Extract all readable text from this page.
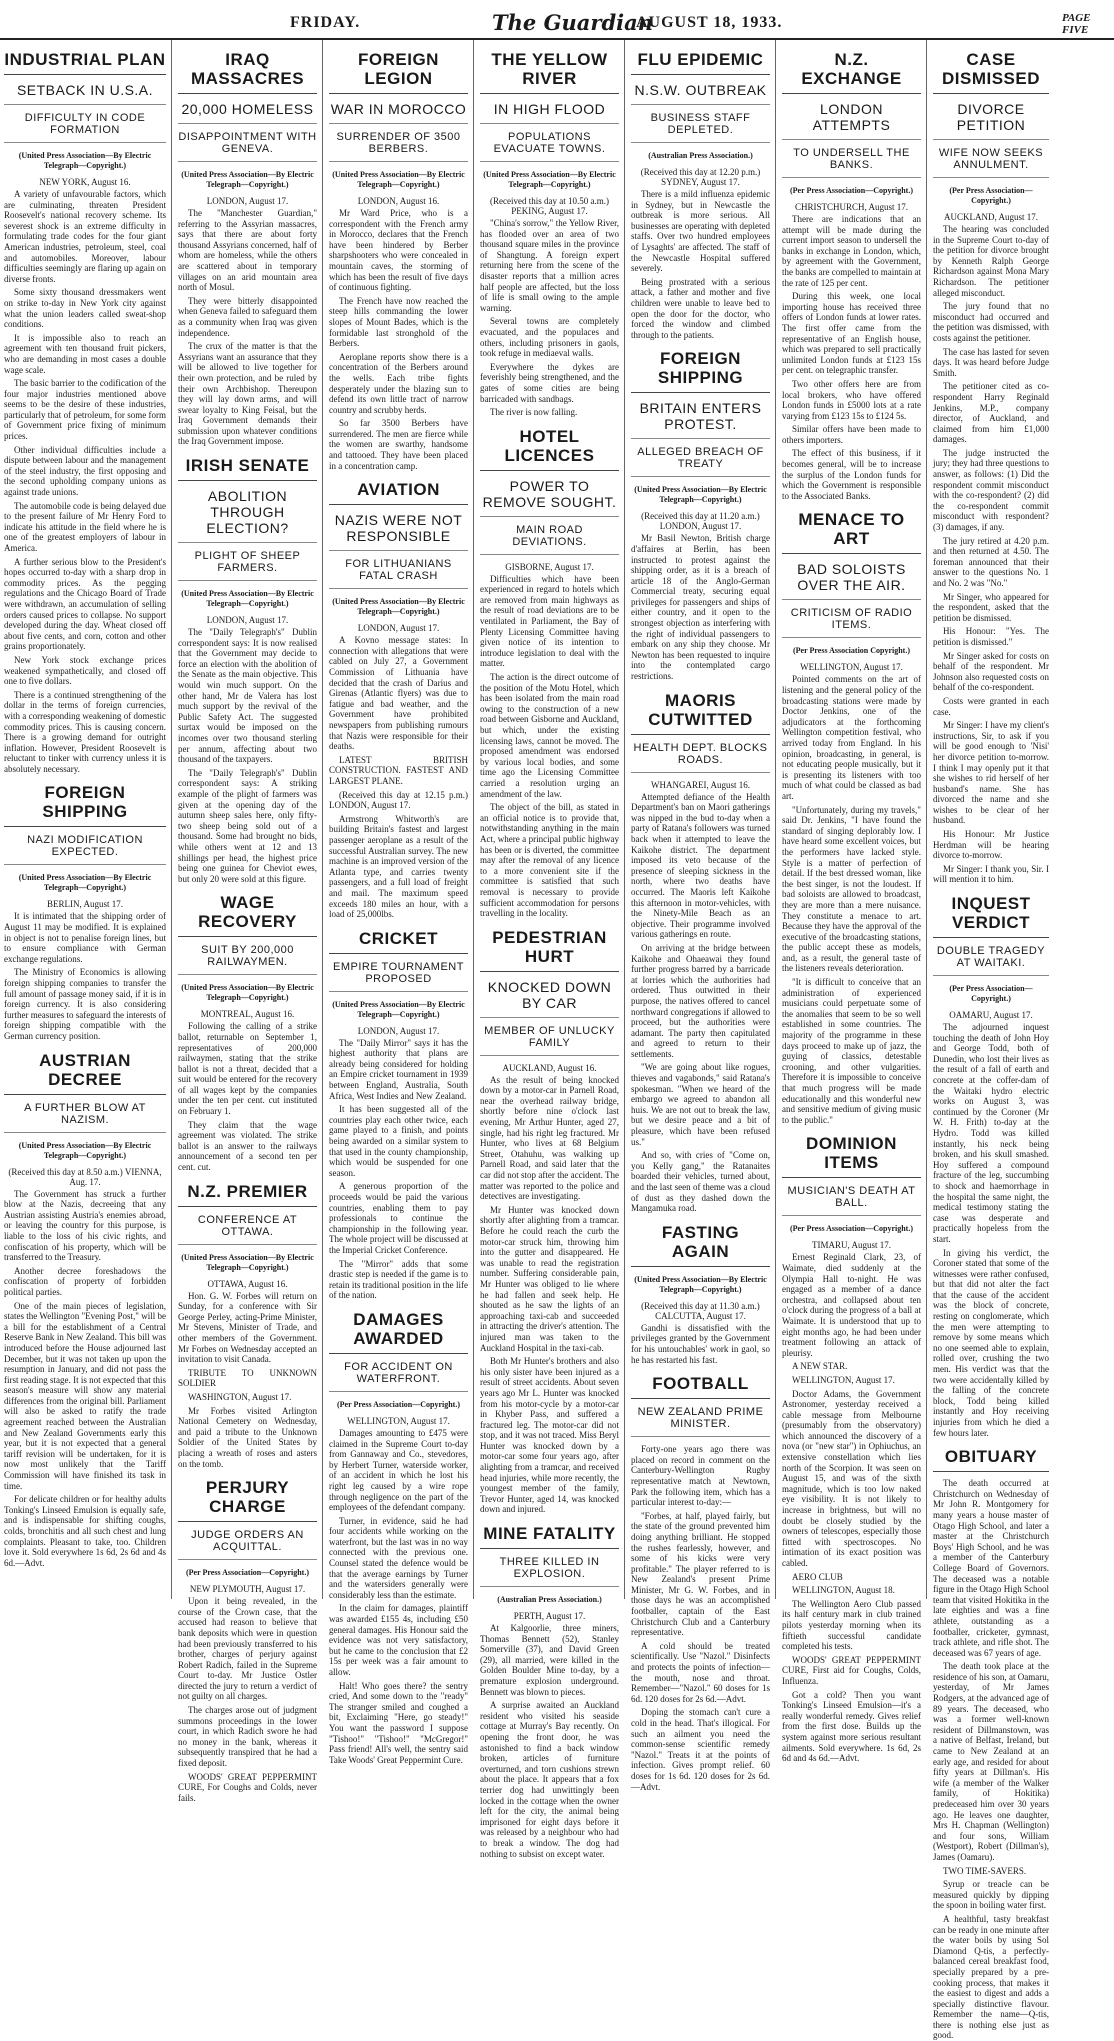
FRIDAY.	The Guardian
AUGUST 18, 1933.	PAGE FIVE
INDUSTRIAL PLAN
SETBACK IN U.S.A.
DIFFICULTY IN CODE FORMATION
(United Press Association—By Electric Telegraph—Copyright.)
NEW YORK, August 16.

A variety of unfavourable factors, which are culminating, threaten President Roosevelt's national recovery scheme. Its severest shock is an extreme difficulty in formulating trade codes for the four giant American industries, petroleum, steel, coal and automobiles. Moreover, labour difficulties seemingly are flaring up again on diverse fronts.

Some sixty thousand dressmakers went on strike to-day in New York city against what the union leaders called sweat-shop conditions.

It is impossible also to reach an agreement with ten thousand fruit pickers, who are demanding in most cases a double wage scale.

The basic barrier to the codification of the four major industries mentioned above seems to be the desire of these industries, particularly that of petroleum, for some form of Government price fixing of minimum prices.

Other individual difficulties include a dispute between labour and the management of the steel industry, the first opposing and the second upholding company unions as against trade unions.

The automobile code is being delayed due to the present failure of Mr Henry Ford to indicate his attitude in the field where he is one of the greatest employers of labour in America.

A further serious blow to the President's hopes occurred to-day with a sharp drop in commodity prices. As the pegging regulations and the Chicago Board of Trade were withdrawn, an accumulation of selling orders caused prices to collapse. No support developed during the day. Wheat closed off about five cents, and corn, cotton and other grains proportionately.

New York stock exchange prices weakened sympathetically, and closed off one to five dollars.

There is a continued strengthening of the dollar in the terms of foreign currencies, with a corresponding weakening of domestic commodity prices. This is causing concern. There is a growing demand for outright inflation. However, President Roosevelt is reluctant to tinker with currency unless it is absolutely necessary.

FOREIGN SHIPPING
NAZI MODIFICATION EXPECTED.
(United Press Association—By Electric Telegraph—Copyright.)
BERLIN, August 17.

It is intimated that the shipping order of August 11 may be modified. It is explained in object is not to penalise foreign lines, but to ensure compliance with German exchange regulations.

The Ministry of Economics is allowing foreign shipping companies to transfer the full amount of passage money said, if it is in foreign currency. It is also considering further measures to safeguard the interests of foreign shipping compatible with the German currency position.

AUSTRIAN DECREE
A FURTHER BLOW AT NAZISM.
(United Press Association—By Electric Telegraph—Copyright.)
(Received this day at 8.50 a.m.) VIENNA, Aug. 17.

The Government has struck a further blow at the Nazis, decreeing that any Austrian assisting Austria's enemies abroad, or leaving the country for this purpose, is liable to the loss of his civic rights, and confiscation of his property, which will be transferred to the Treasury.

Another decree foreshadows the confiscation of property of forbidden political parties.

One of the main pieces of legislation, states the Wellington "Evening Post," will be a bill for the establishment of a Central Reserve Bank in New Zealand. This bill was introduced before the House adjourned last December, but it was not taken up upon the resumption in January, and did not pass the first reading stage. It is not expected that this season's measure will show any material differences from the original bill. Parliament will also be asked to ratify the trade agreement reached between the Australian and New Zealand Governments early this year, but it is not expected that a general tariff revision will be undertaken, for it is now most unlikely that the Tariff Commission will have finished its task in time.

For delicate children or for healthy adults Tonking's Linseed Emulsion is equally safe, and is indispensable for shifting coughs, colds, bronchitis and all such chest and lung complaints. Pleasant to take, too. Children love it. Sold everywhere 1s 6d, 2s 6d and 4s 6d.—Advt.

IRAQ MASSACRES
20,000 HOMELESS
DISAPPOINTMENT WITH GENEVA.
(United Press Association—By Electric Telegraph—Copyright.)
LONDON, August 17.

The "Manchester Guardian," referring to the Assyrian massacres, says that there are about forty thousand Assyrians concerned, half of whom are homeless, while the others are scattered about in temporary villages on an arid mountain area north of Mosul.

They were bitterly disappointed when Geneva failed to safeguard them as a community when Iraq was given independence.

The crux of the matter is that the Assyrians want an assurance that they will be allowed to live together for their own protection, and be ruled by their own Archbishop. Thereupon they will lay down arms, and will swear loyalty to King Feisal, but the Iraq Government demands their submission upon whatever conditions the Iraq Government impose.

IRISH SENATE
ABOLITION THROUGH ELECTION?
PLIGHT OF SHEEP FARMERS.
(United Press Association—By Electric Telegraph—Copyright.)
LONDON, August 17.

The "Daily Telegraph's" Dublin correspondent says: It is now realised that the Government may decide to force an election with the abolition of the Senate as the main objective. This would win much support. On the other hand, Mr de Valera has lost much support by the revival of the Public Safety Act. The suggested surtax would be imposed on the incomes over two thousand sterling per annum, affecting about two thousand of the taxpayers.

The "Daily Telegraph's" Dublin correspondent says: A striking example of the plight of farmers was given at the opening day of the autumn sheep sales here, only fifty-two sheep being sold out of a thousand. Some had brought no bids, while others went at 12 and 13 shillings per head, the highest price being one guinea for Cheviot ewes, but only 20 were sold at this figure.

WAGE RECOVERY
SUIT BY 200,000 RAILWAYMEN.
(United Press Association—By Electric Telegraph—Copyright.)
MONTREAL, August 16.

Following the calling of a strike ballot, returnable on September 1, representatives of 200,000 railwaymen, stating that the strike ballot is not a threat, decided that a suit would be entered for the recovery of all wages kept by the companies under the ten per cent. cut instituted on February 1.

They claim that the wage agreement was violated. The strike ballot is an answer to the railways announcement of a second ten per cent. cut.

N.Z. PREMIER
CONFERENCE AT OTTAWA.
(United Press Association—By Electric Telegraph—Copyright.)
OTTAWA, August 16.

Hon. G. W. Forbes will return on Sunday, for a conference with Sir George Perley, acting-Prime Minister, Mr Stevens, Minister of Trade, and other members of the Government. Mr Forbes on Wednesday accepted an invitation to visit Canada.

TRIBUTE TO UNKNOWN SOLDIER

WASHINGTON, August 17.

Mr Forbes visited Arlington National Cemetery on Wednesday, and paid a tribute to the Unknown Soldier of the United States by placing a wreath of roses and asters on the tomb.

PERJURY CHARGE
JUDGE ORDERS AN ACQUITTAL.
(Per Press Association—Copyright.)
NEW PLYMOUTH, August 17.

Upon it being revealed, in the course of the Crown case, that the accused had reason to believe that bank deposits which were in question had been previously transferred to his brother, charges of perjury against Robert Radich, failed in the Supreme Court to-day. Mr Justice Ostler directed the jury to return a verdict of not guilty on all charges.

The charges arose out of judgment summons proceedings in the lower court, in which Radich swore he had no money in the bank, whereas it subsequently transpired that he had a fixed deposit.

WOODS' GREAT PEPPERMINT CURE, For Coughs and Colds, never fails.

FOREIGN LEGION
WAR IN MOROCCO
SURRENDER OF 3500 BERBERS.
(United Press Association—By Electric Telegraph—Copyright.)
LONDON, August 16.

Mr Ward Price, who is a correspondent with the French army in Morocco, declares that the French have been hindered by Berber sharpshooters who were concealed in mountain caves, the storming of which has been the result of five days of continuous fighting.

The French have now reached the steep hills commanding the lower slopes of Mount Bades, which is the formidable last stronghold of the Berbers.

Aeroplane reports show there is a concentration of the Berbers around the wells. Each tribe fights desperately under the blazing sun to defend its own little tract of narrow country and scrubby herds.

So far 3500 Berbers have surrendered. The men are fierce while the women are swarthy, handsome and tattooed. They have been placed in a concentration camp.

AVIATION
NAZIS WERE NOT RESPONSIBLE
FOR LITHUANIANS FATAL CRASH
(United Press Association—By Electric Telegraph—Copyright.)
LONDON, August 17.

A Kovno message states: In connection with allegations that were cabled on July 27, a Government Commission of Lithuania have decided that the crash of Darius and Girenas (Atlantic flyers) was due to fatigue and bad weather, and the Government have prohibited newspapers from publishing rumours that Nazis were responsible for their deaths.

LATEST BRITISH CONSTRUCTION. FASTEST AND LARGEST PLANE.

(Received this day at 12.15 p.m.) LONDON, August 17.

Armstrong Whitworth's are building Britain's fastest and largest passenger aeroplane as a result of the successful Australian survey. The new machine is an improved version of the Atlanta type, and carries twenty passengers, and a full load of freight and mail. The maximum speed exceeds 180 miles an hour, with a load of 25,000lbs.

CRICKET
EMPIRE TOURNAMENT PROPOSED
(United Press Association—By Electric Telegraph—Copyright.)
LONDON, August 17.

The "Daily Mirror" says it has the highest authority that plans are already being considered for holding an Empire cricket tournament in 1939 between England, Australia, South Africa, West Indies and New Zealand.

It has been suggested all of the countries play each other twice, each game played to a finish, and points being awarded on a similar system to that used in the county championship, which would be suspended for one season.

A generous proportion of the proceeds would be paid the various countries, enabling them to pay professionals to continue the championship in the following year. The whole project will be discussed at the Imperial Cricket Conference.

The "Mirror" adds that some drastic step is needed if the game is to retain its traditional position in the life of the nation.

DAMAGES AWARDED
FOR ACCIDENT ON WATERFRONT.
(Per Press Association—Copyright.)
WELLINGTON, August 17.

Damages amounting to £475 were claimed in the Supreme Court to-day from Gannaway and Co., stevedores, by Herbert Turner, waterside worker, of an accident in which he lost his right leg caused by a wire rope through negligence on the part of the employees of the defendant company.

Turner, in evidence, said he had four accidents while working on the waterfront, but the last was in no way connected with the previous one. Counsel stated the defence would be that the average earnings by Turner and the watersiders generally were considerably less than the estimate.

In the claim for damages, plaintiff was awarded £155 4s, including £50 general damages. His Honour said the evidence was not very satisfactory, but he came to the conclusion that £2 15s per week was a fair amount to allow.

Halt! Who goes there? the sentry cried, And some down to the "ready" The stranger smiled and coughed a bit, Exclaiming "Here, go steady!" You want the password I suppose "Tishoo!" "Tishoo!" "McGregor!" Pass friend! All's well, the sentry said Take Woods' Great Peppermint Cure.

THE YELLOW RIVER
IN HIGH FLOOD
POPULATIONS EVACUATE TOWNS.
(United Press Association—By Electric Telegraph—Copyright.)
(Received this day at 10.50 a.m.) PEKING, August 17.

"China's sorrow," the Yellow River, has flooded over an area of two thousand square miles in the province of Shangtung. A foreign expert returning here from the scene of the disaster reports that a million acres half people are affected, but the loss of life is small owing to the ample warning.

Several towns are completely evacuated, and the populaces and others, including prisoners in gaols, took refuge in mediaeval walls.

Everywhere the dykes are feverishly being strengthened, and the gates of some cities are being barricaded with sandbags.

The river is now falling.

HOTEL LICENCES
POWER TO REMOVE SOUGHT.
MAIN ROAD DEVIATIONS.
GISBORNE, August 17.

Difficulties which have been experienced in regard to hotels which are removed from main highways as the result of road deviations are to be ventilated in Parliament, the Bay of Plenty Licensing Committee having given notice of its intention to introduce legislation to deal with the matter.

The action is the direct outcome of the position of the Motu Hotel, which has been isolated from the main road owing to the construction of a new road between Gisborne and Auckland, but which, under the existing licensing laws, cannot be moved. The proposed amendment was endorsed by various local bodies, and some time ago the Licensing Committee carried a resolution urging an amendment of the law.

The object of the bill, as stated in an official notice is to provide that, notwithstanding anything in the main Act, where a principal public highway has been or is diverted, the committee may after the removal of any licence to a more convenient site if the committee is satisfied that such removal is necessary to provide sufficient accommodation for persons travelling in the locality.

PEDESTRIAN HURT
KNOCKED DOWN BY CAR
MEMBER OF UNLUCKY FAMILY
AUCKLAND, August 16.

As the result of being knocked down by a motor-car in Parnell Road, near the overhead railway bridge, shortly before nine o'clock last evening, Mr Arthur Hunter, aged 27, single, had his right leg fractured. Mr Hunter, who lives at 68 Belgium Street, Otahuhu, was walking up Parnell Road, and said later that the car did not stop after the accident. The matter was reported to the police and detectives are investigating.

Mr Hunter was knocked down shortly after alighting from a tramcar. Before he could reach the curb the motor-car struck him, throwing him into the gutter and disappeared. He was unable to read the registration number. Suffering considerable pain, Mr Hunter was obliged to lie where he had fallen and seek help. He shouted as he saw the lights of an approaching taxi-cab and succeeded in attracting the driver's attention. The injured man was taken to the Auckland Hospital in the taxi-cab.

Both Mr Hunter's brothers and also his only sister have been injured as a result of street accidents. About seven years ago Mr L. Hunter was knocked from his motor-cycle by a motor-car in Khyber Pass, and suffered a fractured leg. The motor-car did not stop, and it was not traced. Miss Beryl Hunter was knocked down by a motor-car some four years ago, after alighting from a tramcar, and received head injuries, while more recently, the youngest member of the family, Trevor Hunter, aged 14, was knocked down and injured.

MINE FATALITY
THREE KILLED IN EXPLOSION.
(Australian Press Association.)
PERTH, August 17.

At Kalgoorlie, three miners, Thomas Bennett (52), Stanley Somerville (37), and David Green (29), all married, were killed in the Golden Boulder Mine to-day, by a premature explosion underground. Bennett was blown to pieces.

A surprise awaited an Auckland resident who visited his seaside cottage at Murray's Bay recently. On opening the front door, he was astonished to find a back window broken, articles of furniture overturned, and torn cushions strewn about the place. It appears that a fox terrier dog had unwittingly been locked in the cottage when the owner left for the city, the animal being imprisoned for eight days before it was released by a neighbour who had to break a window. The dog had nothing to subsist on except water.

FLU EPIDEMIC
N.S.W. OUTBREAK
BUSINESS STAFF DEPLETED.
(Australian Press Association.)
(Received this day at 12.20 p.m.) SYDNEY, August 17.

There is a mild influenza epidemic in Sydney, but in Newcastle the outbreak is more serious. All businesses are operating with depleted staffs. Over two hundred employees of Lysaghts' are affected. The staff of the Newcastle Hospital suffered severely.

Being prostrated with a serious attack, a father and mother and five children were unable to leave bed to open the door for the doctor, who forced the window and climbed through to the patients.

FOREIGN SHIPPING
BRITAIN ENTERS PROTEST.
ALLEGED BREACH OF TREATY
(United Press Association—By Electric Telegraph—Copyright.)
(Received this day at 11.20 a.m.) LONDON, August 17.

Mr Basil Newton, British charge d'affaires at Berlin, has been instructed to protest against the shipping order, as it is a breach of article 18 of the Anglo-German Commercial treaty, securing equal privileges for passengers and ships of either country, and it open to the strongest objection as interfering with the right of individual passengers to embark on any ship they choose. Mr Newton has been requested to inquire into the contemplated cargo restrictions.

MAORIS CUTWITTED
HEALTH DEPT. BLOCKS ROADS.
WHANGAREI, August 16.

Attempted defiance of the Health Department's ban on Maori gatherings was nipped in the bud to-day when a party of Ratana's followers was turned back when it attempted to leave the Kaikohe district. The department imposed its veto because of the presence of sleeping sickness in the north, where two deaths have occurred. The Maoris left Kaikohe this afternoon in motor-vehicles, with the Ninety-Mile Beach as an objective. Their programme involved various gatherings en route.

On arriving at the bridge between Kaikohe and Ohaeawai they found further progress barred by a barricade at lorries which the authorities had ordered. Thus outwitted in their purpose, the natives offered to cancel northward congregations if allowed to proceed, but the authorities were adamant. The party then capitulated and agreed to return to their settlements.

"We are going about like rogues, thieves and vagabonds," said Ratana's spokesman. "When we heard of the embargo we agreed to abandon all huis. We are not out to break the law, but we desire peace and a bit of pleasure, which have been refused us."

And so, with cries of "Come on, you Kelly gang," the Ratanaites boarded their vehicles, turned about, and the last seen of theme was a cloud of dust as they dashed down the Mangamuka road.

FASTING AGAIN
(United Press Association—By Electric Telegraph—Copyright.)
(Received this day at 11.30 a.m.) CALCUTTA, August 17.

Gandhi is dissatisfied with the privileges granted by the Government for his untouchables' work in gaol, so he has restarted his fast.

FOOTBALL
NEW ZEALAND PRIME MINISTER.

Forty-one years ago there was placed on record in comment on the Canterbury-Wellington Rugby representative match at Newtown, Park the following item, which has a particular interest to-day:—

"Forbes, at half, played fairly, but the state of the ground prevented him doing anything brilliant. He stopped the rushes fearlessly, however, and some of his kicks were very profitable." The player referred to is New Zealand's present Prime Minister, Mr G. W. Forbes, and in those days he was an accomplished footballer, captain of the East Christchurch Club and a Canterbury representative.

A cold should be treated scientifically. Use "Nazol." Disinfects and protects the points of infection—the mouth, nose and throat. Remember—"Nazol." 60 doses for 1s 6d. 120 doses for 2s 6d.—Advt.

Doping the stomach can't cure a cold in the head. That's illogical. For such an ailment you need the common-sense scientific remedy "Nazol." Treats it at the points of infection. Gives prompt relief. 60 doses for 1s 6d. 120 doses for 2s 6d.—Advt.

N.Z. EXCHANGE
LONDON ATTEMPTS
TO UNDERSELL THE BANKS.
(Per Press Association—Copyright.)
CHRISTCHURCH, August 17.

There are indications that an attempt will be made during the current import season to undersell the banks in exchange in London, which, by agreement with the Government, the banks are compelled to maintain at the rate of 125 per cent.

During this week, one local importing house has received three offers of London funds at lower rates. The first offer came from the representative of an English house, which was prepared to sell practically unlimited London funds at £123 15s per cent. on telegraphic transfer.

Two other offers here are from local brokers, who have offered London funds in £5000 lots at a rate varying from £123 15s to £124 5s.

Similar offers have been made to others importers.

The effect of this business, if it becomes general, will be to increase the surplus of the London funds for which the Government is responsible to the Associated Banks.

MENACE TO ART
BAD SOLOISTS OVER THE AIR.
CRITICISM OF RADIO ITEMS.
(Per Press Association Copyright.)
WELLINGTON, August 17.

Pointed comments on the art of listening and the general policy of the broadcasting stations were made by Doctor Jenkins, one of the adjudicators at the forthcoming Wellington competition festival, who arrived today from England. In his opinion, broadcasting, in general, is not educating people musically, but it is presenting its listeners with too much of what could be classed as bad art.

"Unfortunately, during my travels," said Dr. Jenkins, "I have found the standard of singing deplorably low. I have heard some excellent voices, but the performers have lacked style. Style is a matter of perfection of detail. If the best dressed woman, like the best singer, is not the loudest. If bad soloists are allowed to broadcast, they are more than a mere nuisance. They constitute a menace to art. Because they have the approval of the executive of the broadcasting stations, the public accept these as models, and, as a result, the general taste of the listeners reveals deterioration.

"It is difficult to conceive that an administration of experienced musicians could perpetuate some of the anomalies that seem to be so well established in some countries. The majority of the programme in these days proceed to make up of jazz, the guying of classics, detestable crooning, and other vulgarities. Therefore it is impossible to conceive that much progress will be made educationally and this wonderful new and sensitive medium of giving music to the public."

DOMINION ITEMS
MUSICIAN'S DEATH AT BALL.
(Per Press Association—Copyright.)
TIMARU, August 17.

Ernest Reginald Clark, 23, of Waimate, died suddenly at the Olympia Hall to-night. He was engaged as a member of a dance orchestra, and collapsed about ten o'clock during the progress of a ball at Waimate. It is understood that up to eight months ago, he had been under treatment following an attack of pleurisy.

A NEW STAR.

WELLINGTON, August 17.

Doctor Adams, the Government Astronomer, yesterday received a cable message from Melbourne (presumably from the observatory) which announced the discovery of a nova (or "new star") in Ophiuchus, an extensive constellation which lies north of the Scorpion. It was seen on August 15, and was of the sixth magnitude, which is too low naked eye visibility. It is not likely to increase in brightness, but will no doubt be closely studied by the owners of telescopes, especially those fitted with spectroscopes. No intimation of its exact position was cabled.

AERO CLUB

WELLINGTON, August 18.

The Wellington Aero Club passed its half century mark in club trained pilots yesterday morning when its fiftieth successful candidate completed his tests.

WOODS' GREAT PEPPERMINT CURE, First aid for Coughs, Colds, Influenza.

Got a cold? Then you want Tonking's Linseed Emulsion—it's a really wonderful remedy. Gives relief from the first dose. Builds up the system against more serious resultant ailments. Sold everywhere. 1s 6d, 2s 6d and 4s 6d.—Advt.

CASE DISMISSED
DIVORCE PETITION
WIFE NOW SEEKS ANNULMENT.
(Per Press Association—Copyright.)
AUCKLAND, August 17.

The hearing was concluded in the Supreme Court to-day of the petition for divorce brought by Kenneth Ralph George Richardson against Mona Mary Richardson. The petitioner alleged misconduct.

The jury found that no misconduct had occurred and the petition was dismissed, with costs against the petitioner.

The case has lasted for seven days. It was heard before Judge Smith.

The petitioner cited as co-respondent Harry Reginald Jenkins, M.P., company director, of Auckland, and claimed from him £1,000 damages.

The judge instructed the jury; they had three questions to answer, as follows: (1) Did the respondent commit misconduct with the co-respondent? (2) did the co-respondent commit misconduct with respondent? (3) damages, if any.

The jury retired at 4.20 p.m. and then returned at 4.50. The foreman announced that their answer to the questions No. 1 and No. 2 was "No."

Mr Singer, who appeared for the respondent, asked that the petition be dismissed.

His Honour: "Yes. The petition is dismissed."

Mr Singer asked for costs on behalf of the respondent. Mr Johnson also requested costs on behalf of the co-respondent.

Costs were granted in each case.

Mr Singer: I have my client's instructions, Sir, to ask if you will be good enough to 'Nisi' her divorce petition to-morrow. I think I may openly put it that she wishes to rid herself of her husband's name. She has divorced the name and she wishes to be clear of her husband.

His Honour: Mr Justice Herdman will be hearing divorce to-morrow.

Mr Singer: I thank you, Sir. I will mention it to him.

INQUEST VERDICT
DOUBLE TRAGEDY AT WAITAKI.
(Per Press Association—Copyright.)
OAMARU, August 17.

The adjourned inquest touching the death of John Hoy and George Todd, both of Dunedin, who lost their lives as the result of a fall of earth and concrete at the coffer-dam of the Waitaki hydro electric works on August 3, was continued by the Coroner (Mr W. H. Frith) to-day at the Hydro. Todd was killed instantly, his neck being broken, and his skull smashed. Hoy suffered a compound fracture of the leg, succumbing to shock and haemorrhage in the hospital the same night, the medical testimony stating the case was desperate and practically hopeless from the start.

In giving his verdict, the Coroner stated that some of the witnesses were rather confused, but that did not alter the fact that the cause of the accident was the block of concrete, resting on conglomerate, which the men were attempting to remove by some means which no one seemed able to explain, rolled over, crushing the two men. His verdict was that the two were accidentally killed by the falling of the concrete block, Todd being killed instantly and Hoy receiving injuries from which he died a few hours later.

OBITUARY

The death occurred at Christchurch on Wednesday of Mr John R. Montgomery for many years a house master of Otago High School, and later a master at the Christchurch Boys' High School, and he was a member of the Canterbury College Board of Governors. The deceased was a notable figure in the Otago High School team that visited Hokitika in the late eighties and was a fine athlete, outstanding as a footballer, cricketer, gymnast, track athlete, and rifle shot. The deceased was 67 years of age.

The death took place at the residence of his son, at Oamaru, yesterday, of Mr James Rodgers, at the advanced age of 89 years. The deceased, who was a former well-known resident of Dillmanstown, was a native of Belfast, Ireland, but came to New Zealand at an early age, and resided for about fifty years at Dillman's. His wife (a member of the Walker family, of Hokitika) predeceased him over 30 years ago. He leaves one daughter, Mrs H. Chapman (Wellington) and four sons, William (Westport), Robert (Dillman's), James (Oamaru).

TWO TIME-SAVERS.

Syrup or treacle can be measured quickly by dipping the spoon in boiling water first.

A healthful, tasty breakfast can be ready in one minute after the water boils by using Sol Diamond Q-tis, a perfectly-balanced cereal breakfast food, specially prepared by a pre-cooking process, that makes it the easiest to digest and adds a specially distinctive flavour. Remember the name—Q-tis, there is nothing else just as good.
